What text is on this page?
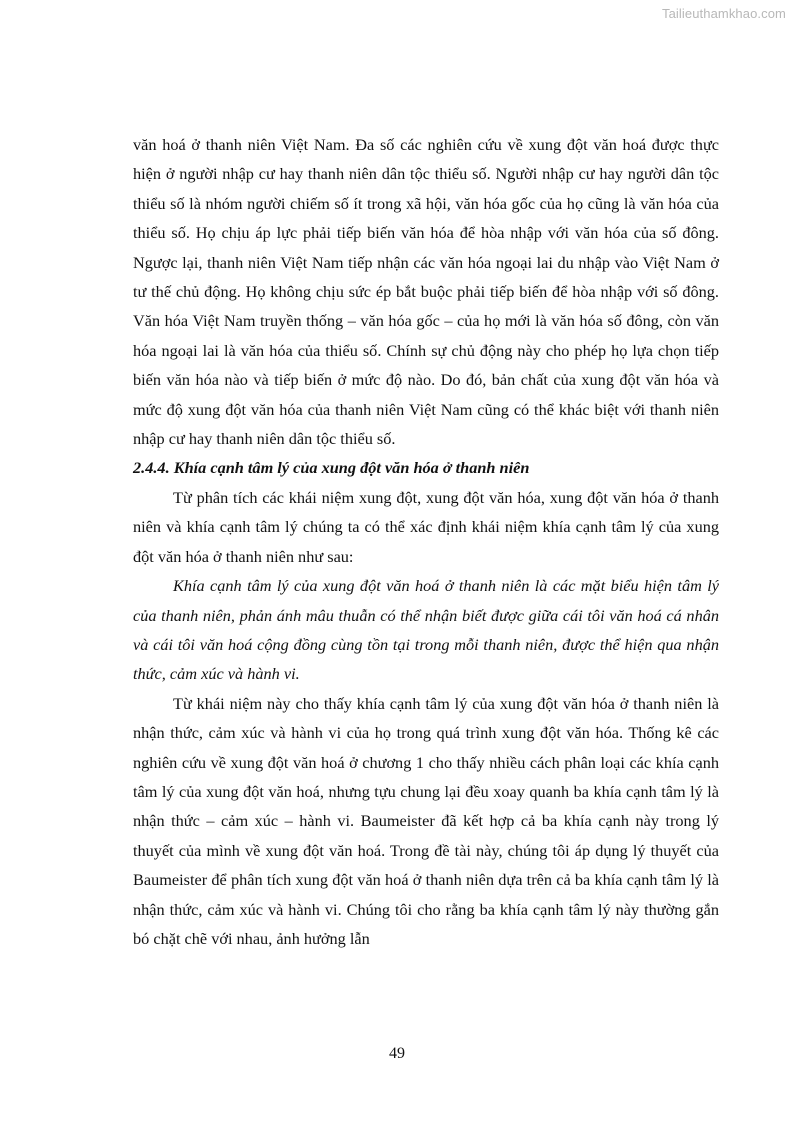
Tailieuthamkhao.com

văn hoá ở thanh niên Việt Nam. Đa số các nghiên cứu về xung đột văn hoá được thực hiện ở người nhập cư hay thanh niên dân tộc thiểu số. Người nhập cư hay người dân tộc thiểu số là nhóm người chiếm số ít trong xã hội, văn hóa gốc của họ cũng là văn hóa của thiểu số. Họ chịu áp lực phải tiếp biến văn hóa để hòa nhập với văn hóa của số đông. Ngược lại, thanh niên Việt Nam tiếp nhận các văn hóa ngoại lai du nhập vào Việt Nam ở tư thế chủ động. Họ không chịu sức ép bắt buộc phải tiếp biến để hòa nhập với số đông. Văn hóa Việt Nam truyền thống – văn hóa gốc – của họ mới là văn hóa số đông, còn văn hóa ngoại lai là văn hóa của thiểu số. Chính sự chủ động này cho phép họ lựa chọn tiếp biến văn hóa nào và tiếp biến ở mức độ nào. Do đó, bản chất của xung đột văn hóa và mức độ xung đột văn hóa của thanh niên Việt Nam cũng có thể khác biệt với thanh niên nhập cư hay thanh niên dân tộc thiểu số.

2.4.4. Khía cạnh tâm lý của xung đột văn hóa ở thanh niên

Từ phân tích các khái niệm xung đột, xung đột văn hóa, xung đột văn hóa ở thanh niên và khía cạnh tâm lý chúng ta có thể xác định khái niệm khía cạnh tâm lý của xung đột văn hóa ở thanh niên như sau:

Khía cạnh tâm lý của xung đột văn hoá ở thanh niên là các mặt biểu hiện tâm lý của thanh niên, phản ánh mâu thuẫn có thể nhận biết được giữa cái tôi văn hoá cá nhân và cái tôi văn hoá cộng đồng cùng tồn tại trong mỗi thanh niên, được thể hiện qua nhận thức, cảm xúc và hành vi.

Từ khái niệm này cho thấy khía cạnh tâm lý của xung đột văn hóa ở thanh niên là nhận thức, cảm xúc và hành vi của họ trong quá trình xung đột văn hóa. Thống kê các nghiên cứu về xung đột văn hoá ở chương 1 cho thấy nhiều cách phân loại các khía cạnh tâm lý của xung đột văn hoá, nhưng tựu chung lại đều xoay quanh ba khía cạnh tâm lý là nhận thức – cảm xúc – hành vi. Baumeister đã kết hợp cả ba khía cạnh này trong lý thuyết của mình về xung đột văn hoá. Trong đề tài này, chúng tôi áp dụng lý thuyết của Baumeister để phân tích xung đột văn hoá ở thanh niên dựa trên cả ba khía cạnh tâm lý là nhận thức, cảm xúc và hành vi. Chúng tôi cho rằng ba khía cạnh tâm lý này thường gắn bó chặt chẽ với nhau, ảnh hưởng lẫn

49
